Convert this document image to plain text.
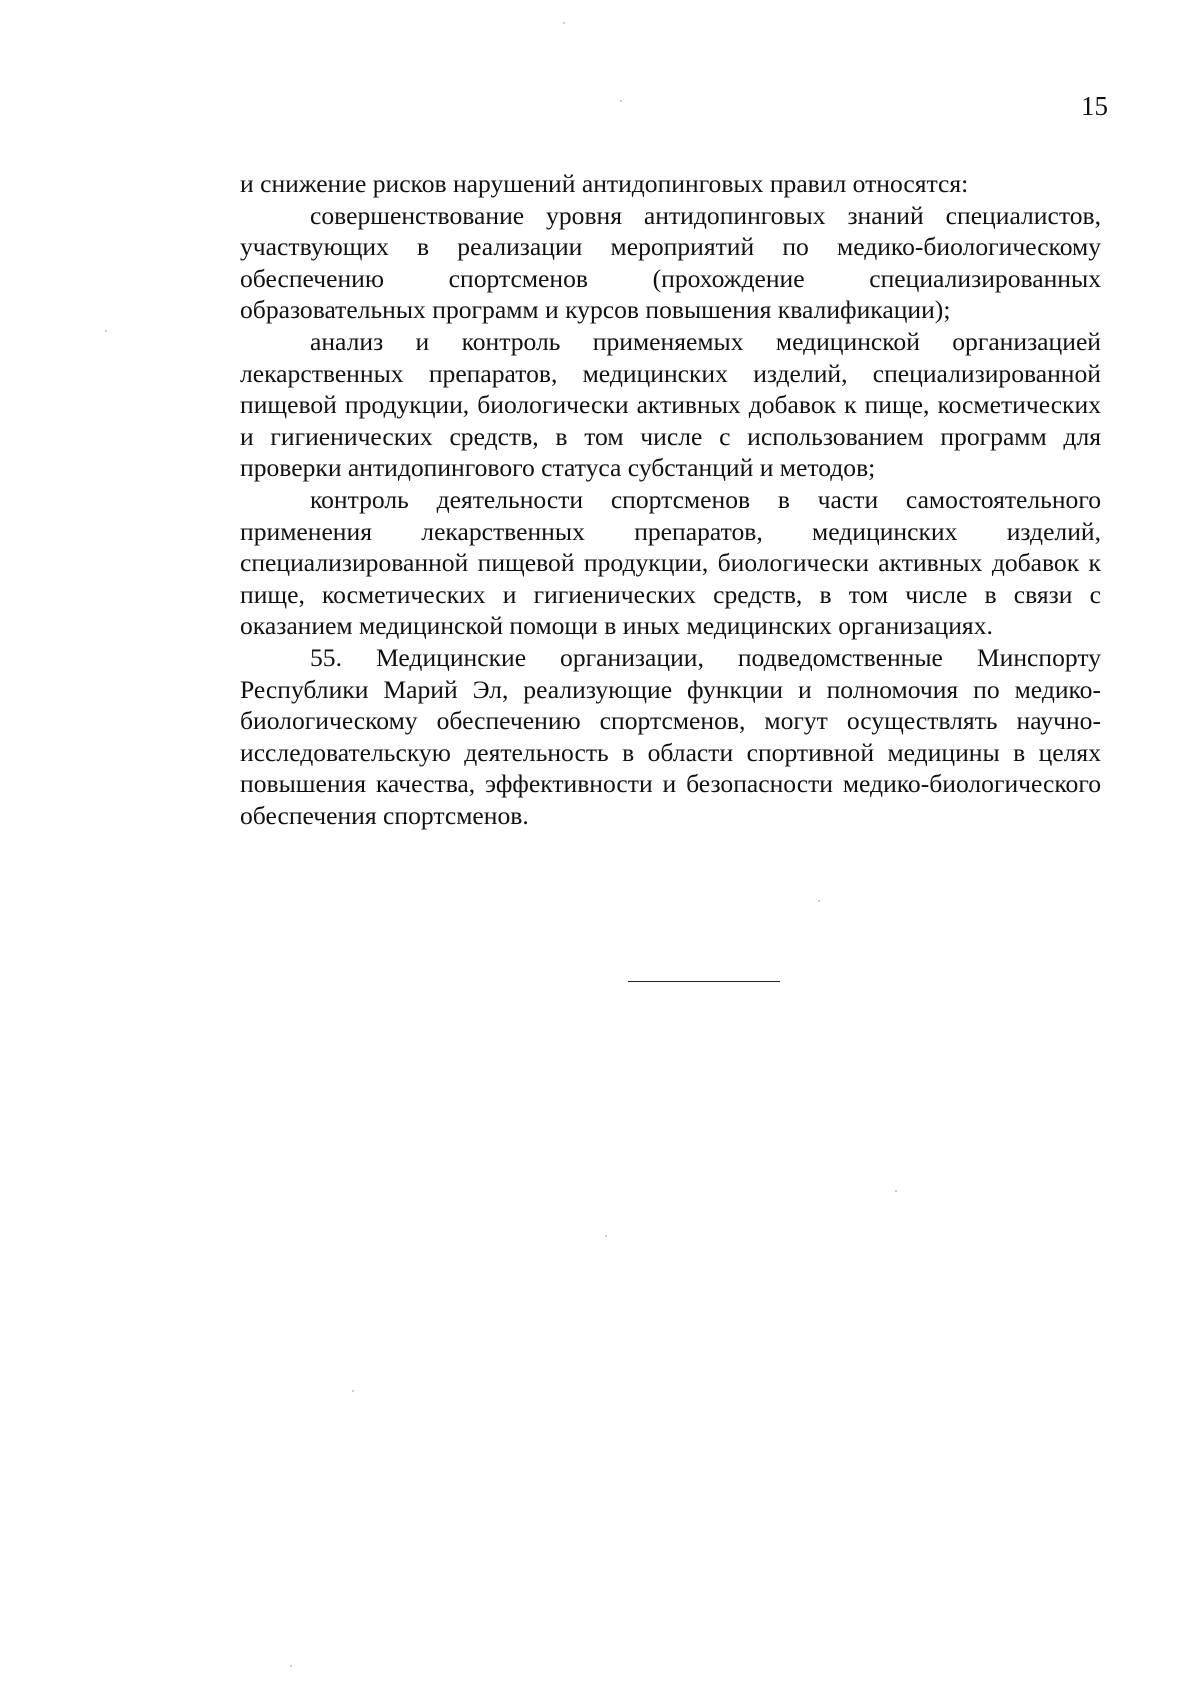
15

и снижение рисков нарушений антидопинговых правил относятся:

совершенствование уровня антидопинговых знаний специалистов, участвующих в реализации мероприятий по медико-биологическому обеспечению спортсменов (прохождение специализированных образовательных программ и курсов повышения квалификации);

анализ и контроль применяемых медицинской организацией лекарственных препаратов, медицинских изделий, специализированной пищевой продукции, биологически активных добавок к пище, косметических и гигиенических средств, в том числе с использованием программ для проверки антидопингового статуса субстанций и методов;

контроль деятельности спортсменов в части самостоятельного применения лекарственных препаратов, медицинских изделий, специализированной пищевой продукции, биологически активных добавок к пище, косметических и гигиенических средств, в том числе в связи с оказанием медицинской помощи в иных медицинских организациях.

55. Медицинские организации, подведомственные Минспорту Республики Марий Эл, реализующие функции и полномочия по медико-биологическому обеспечению спортсменов, могут осуществлять научно-исследовательскую деятельность в области спортивной медицины в целях повышения качества, эффективности и безопасности медико-биологического обеспечения спортсменов.
